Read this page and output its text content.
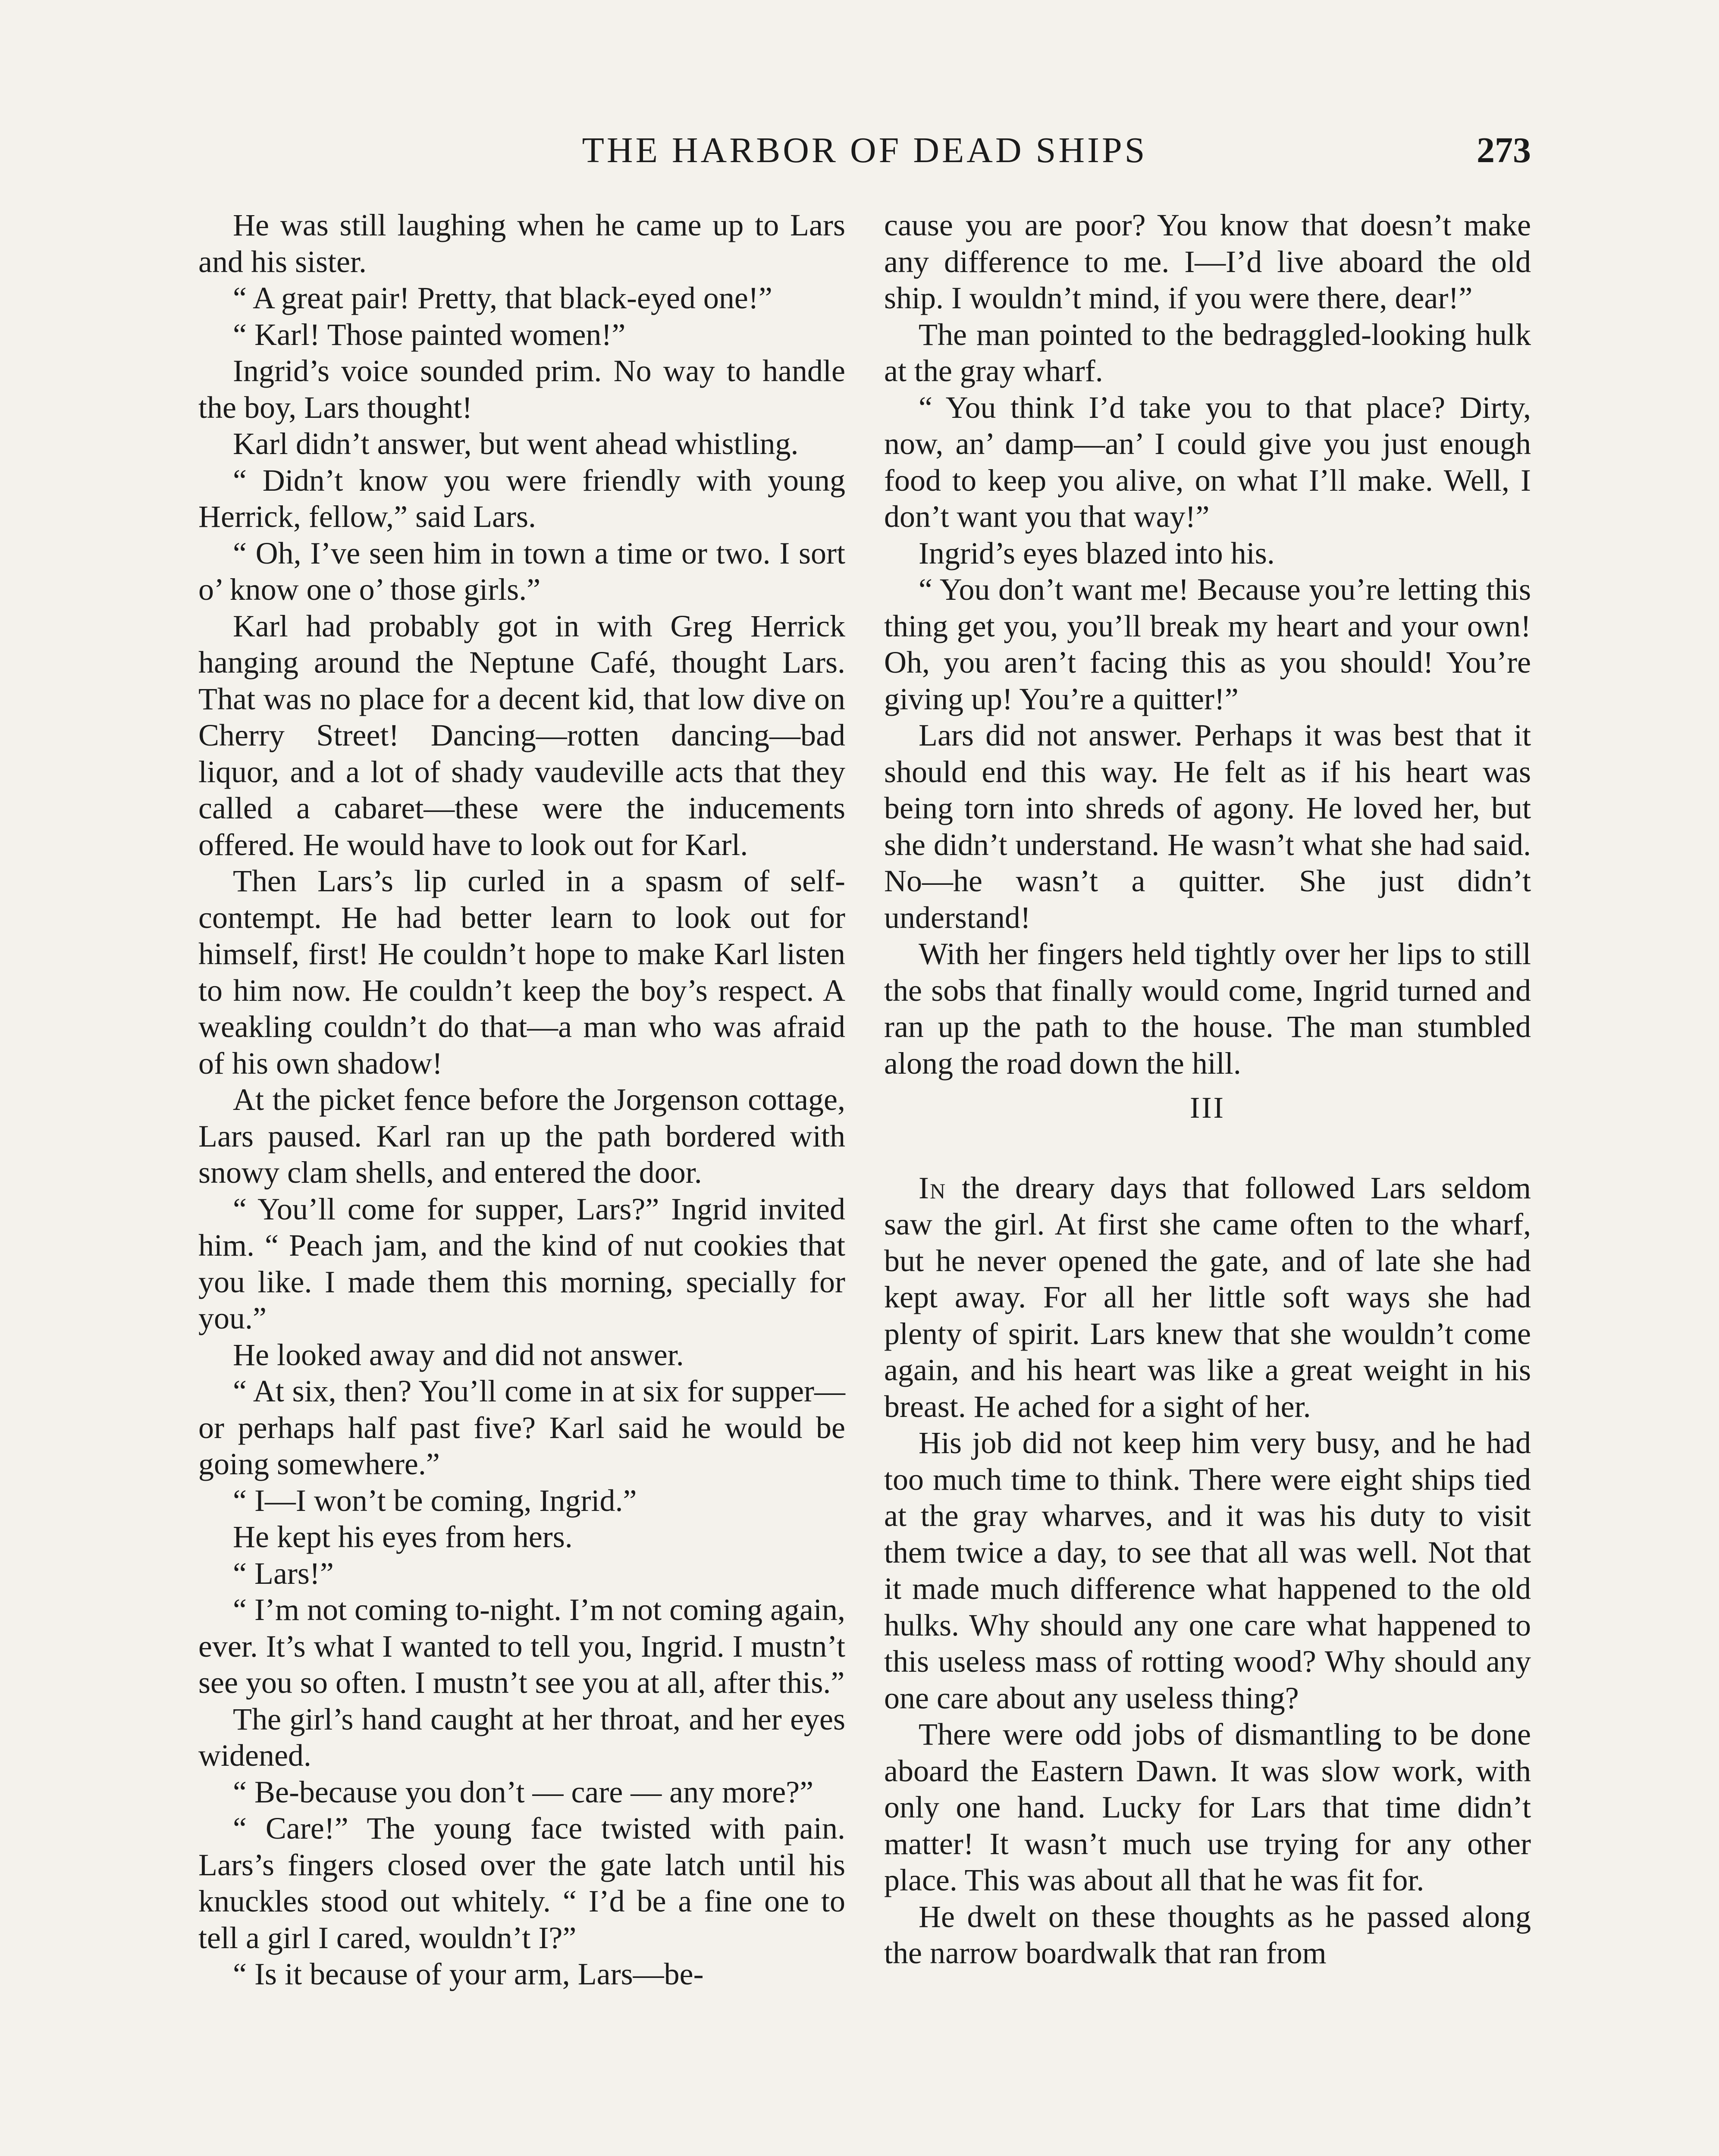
THE HARBOR OF DEAD SHIPS	273

He was still laughing when he came up to Lars and his sister.

“ A great pair! Pretty, that black-eyed one!”

“ Karl! Those painted women!”

Ingrid’s voice sounded prim. No way to handle the boy, Lars thought!

Karl didn’t answer, but went ahead whistling.

“ Didn’t know you were friendly with young Herrick, fellow,” said Lars.

“ Oh, I’ve seen him in town a time or two. I sort o’ know one o’ those girls.”

Karl had probably got in with Greg Herrick hanging around the Neptune Café, thought Lars. That was no place for a decent kid, that low dive on Cherry Street! Dancing—rotten dancing—bad liquor, and a lot of shady vaudeville acts that they called a cabaret—these were the inducements offered. He would have to look out for Karl.

Then Lars’s lip curled in a spasm of self-contempt. He had better learn to look out for himself, first! He couldn’t hope to make Karl listen to him now. He couldn’t keep the boy’s respect. A weakling couldn’t do that—a man who was afraid of his own shadow!

At the picket fence before the Jorgenson cottage, Lars paused. Karl ran up the path bordered with snowy clam shells, and entered the door.

“ You’ll come for supper, Lars?” Ingrid invited him. “ Peach jam, and the kind of nut cookies that you like. I made them this morning, specially for you.”

He looked away and did not answer.

“ At six, then? You’ll come in at six for supper—or perhaps half past five? Karl said he would be going somewhere.”

“ I—I won’t be coming, Ingrid.”

He kept his eyes from hers.

“ Lars!”

“ I’m not coming to-night. I’m not coming again, ever. It’s what I wanted to tell you, Ingrid. I mustn’t see you so often. I mustn’t see you at all, after this.”

The girl’s hand caught at her throat, and her eyes widened.

“ Be-because you don’t — care — any more?”

“ Care!” The young face twisted with pain. Lars’s fingers closed over the gate latch until his knuckles stood out whitely. “ I’d be a fine one to tell a girl I cared, wouldn’t I?”

“ Is it because of your arm, Lars—be-

cause you are poor? You know that doesn’t make any difference to me. I—I’d live aboard the old ship. I wouldn’t mind, if you were there, dear!”

The man pointed to the bedraggled-looking hulk at the gray wharf.

“ You think I’d take you to that place? Dirty, now, an’ damp—an’ I could give you just enough food to keep you alive, on what I’ll make. Well, I don’t want you that way!”

Ingrid’s eyes blazed into his.

“ You don’t want me! Because you’re letting this thing get you, you’ll break my heart and your own! Oh, you aren’t facing this as you should! You’re giving up! You’re a quitter!”

Lars did not answer. Perhaps it was best that it should end this way. He felt as if his heart was being torn into shreds of agony. He loved her, but she didn’t understand. He wasn’t what she had said. No—he wasn’t a quitter. She just didn’t understand!

With her fingers held tightly over her lips to still the sobs that finally would come, Ingrid turned and ran up the path to the house. The man stumbled along the road down the hill.

III

In the dreary days that followed Lars seldom saw the girl. At first she came often to the wharf, but he never opened the gate, and of late she had kept away. For all her little soft ways she had plenty of spirit. Lars knew that she wouldn’t come again, and his heart was like a great weight in his breast. He ached for a sight of her.

His job did not keep him very busy, and he had too much time to think. There were eight ships tied at the gray wharves, and it was his duty to visit them twice a day, to see that all was well. Not that it made much difference what happened to the old hulks. Why should any one care what happened to this useless mass of rotting wood? Why should any one care about any useless thing?

There were odd jobs of dismantling to be done aboard the Eastern Dawn. It was slow work, with only one hand. Lucky for Lars that time didn’t matter! It wasn’t much use trying for any other place. This was about all that he was fit for.

He dwelt on these thoughts as he passed along the narrow boardwalk that ran from
